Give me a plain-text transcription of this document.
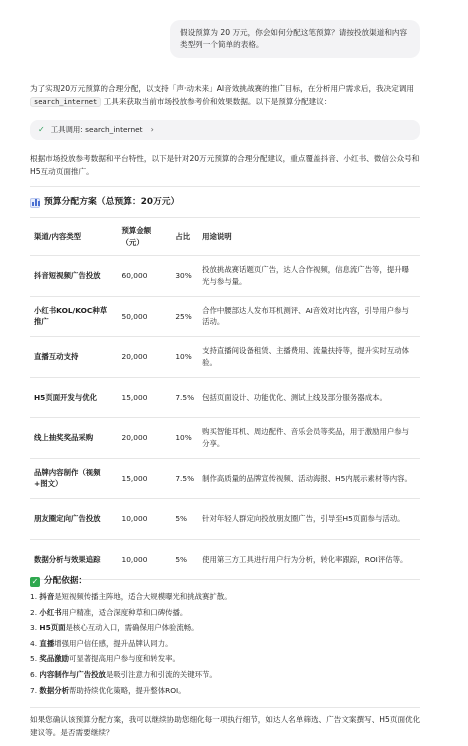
假设预算为 20 万元，你会如何分配这笔预算？请按投放渠道和内容类型列一个简单的表格。
为了实现20万元预算的合理分配，以支持「声·动未来」AI音效挑战赛的推广目标，在分析用户需求后，我决定调用 search_internet 工具来获取当前市场投放参考价和效果数据。以下是预算分配建议：
✓ 工具调用: search_internet ›
根据市场投放参考数据和平台特性，以下是针对20万元预算的合理分配建议，重点覆盖抖音、小红书、微信公众号和H5互动页面推广。
预算分配方案（总预算：20万元）
渠道/内容类型	预算金额（元）	占比	用途说明
抖音短视频广告投放	60,000	30%	投放挑战赛话题页广告，达人合作视频，信息流广告等，提升曝光与参与量。
小红书KOL/KOC种草推广	50,000	25%	合作中腰部达人发布耳机测评、AI音效对比内容，引导用户参与活动。
直播互动支持	20,000	10%	支持直播间设备租赁、主播费用、流量扶持等，提升实时互动体验。
H5页面开发与优化	15,000	7.5%	包括页面设计、功能优化、测试上线及部分服务器成本。
线上抽奖奖品采购	20,000	10%	购买智能耳机、周边配件、音乐会员等奖品，用于激励用户参与分享。
品牌内容制作（视频+图文）	15,000	7.5%	制作高质量的品牌宣传视频、活动海报、H5内展示素材等内容。
朋友圈定向广告投放	10,000	5%	针对年轻人群定向投放朋友圈广告，引导至H5页面参与活动。
数据分析与效果追踪	10,000	5%	使用第三方工具进行用户行为分析，转化率跟踪，ROI评估等。
✓ 分配依据：
1. 抖音是短视频传播主阵地，适合大规模曝光和挑战赛扩散。
2. 小红书用户精准，适合深度种草和口碑传播。
3. H5页面是核心互动入口，需确保用户体验流畅。
4. 直播增强用户信任感，提升品牌认同力。
5. 奖品激励可显著提高用户参与度和转发率。
6. 内容制作与广告投放是吸引注意力和引流的关键环节。
7. 数据分析帮助持续优化策略，提升整体ROI。
如果您确认该预算分配方案，我可以继续协助您细化每一项执行细节，如达人名单筛选、广告文案撰写、H5页面优化建议等。是否需要继续？
